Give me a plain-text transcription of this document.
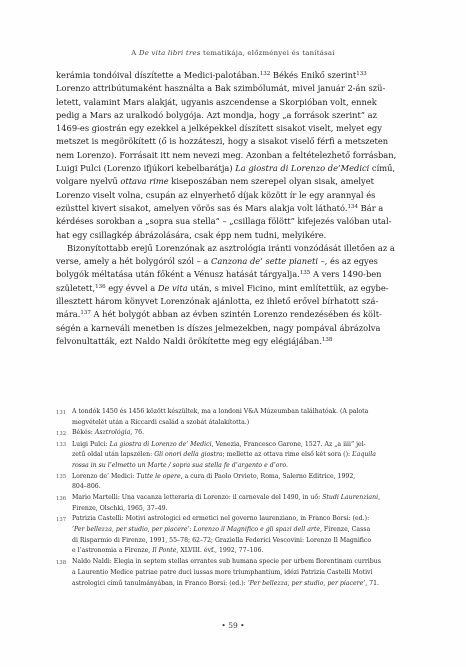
A De vita libri tres tematikája, előzményei és tanításai
kerámia tondóival díszítette a Medici-palotában.$^{132}$ Békés Enikő szerint$^{133}$
Lorenzo attribútumaként használta a Bak szimbólumát, mivel január 2-án szü-
letett, valamint Mars alakját, ugyanis aszcendense a Skorpióban volt, ennek
pedig a Mars az uralkodó bolygója. Azt mondja, hogy „a források szerint” az
1469-es giostrán egy ezekkel a jelképekkel díszített sisakot viselt, melyet egy
metszet is megörökített (ő is hozzáteszi, hogy a sisakot viselő férfi a metszeten
nem Lorenzo). Forrásait itt nem nevezi meg. Azonban a feltételezhető forrásban,
Luigi Pulci (Lorenzo ifjúkori kebelbarátja) La giostra di Lorenzo de’Medici című,
volgare nyelvű ottava rime kiseposzában nem szerepel olyan sisak, amelyet
Lorenzo viselt volna, csupán az elnyerhető díjak között ír le egy arannyal és
ezüsttel kivert sisakot, amelyen vörös sas és Mars alakja volt látható.$^{134}$ Bár a
kérdéses sorokban a „sopra sua stella” – „csillaga fölött” kifejezés valóban utal-
hat egy csillagkép ábrázolására, csak épp nem tudni, melyikére.
Bizonyítottabb erejű Lorenzónak az asztrológia iránti vonzódását illetően az a
verse, amely a hét bolygóról szól – a Canzona de’ sette pianeti –, és az egyes
bolygók méltatása után főként a Vénusz hatását tárgyalja.$^{135}$ A vers 1490-ben
született,$^{136}$ egy évvel a De vita után, s mivel Ficino, mint említettük, az egybe-
illesztett három könyvet Lorenzónak ajánlotta, ez ihlető erővel bírhatott szá-
mára.$^{137}$ A hét bolygót abban az évben szintén Lorenzo rendezésében és költ-
ségén a karneváli menetben is díszes jelmezekben, nagy pompával ábrázolva
felvonultatták, ezt Naldo Naldi örökítette meg egy elégiájában.$^{138}$
131 A tondók 1450 és 1456 között készültek, ma a londoni V&A Múzeumban találhatóak. (A palota
megvételét után a Riccardi család a szobát átalakította.)
132 Békés: Asztrológia, 76.
133 Luigi Pulci: La giostra di Lorenzo de’ Medici, Venezia, Francesco Garone, 1527. Az „a iiii” jel-
zetű oldal után lapszélen: Gli onori della giostra; mellette az ottava rime első két sora (): L’aquila
rossa in su l’elmetto un Marte / sopra sua stella fe d’argento e d’oro.
135 Lorenzo de’ Medici: Tutte le opere, a cura di Paolo Orvieto, Roma, Salerno Editrice, 1992,
804–806.
136 Mario Martelli: Una vacanza letteraria di Lorenzo: il carnevale del 1490, in uő: Studi Laurenziani,
Firenze, Olschki, 1965, 37–49.
137 Patrizia Castelli: Motivi astrologici ed ermetici nel governo laurenziano, in Franco Borsi: (ed.):
’Per bellezza, per studio, per piacere’: Lorenzo il Magnifico e gli spazi dell arte, Firenze, Cassa
di Risparmio di Firenze, 1991, 55–78; 62–72; Graziella Federici Vescovini: Lorenzo Il Magnifico
e l’astronomia a Firenze, Il Ponte, XLVIII. évf., 1992, 77–106.
138 Naldo Naldi: Elegia in septem stellas errantes sub humana specie per urbem florentinam curribus
a Laurentio Medice patriae patre duci iussas more triumphantium, idézi Patrizia Castelli Motivi
astrologici című tanulmányában, in Franco Borsi: (ed.): ’Per bellezza, per studio, per piacere’, 71.
• 59 •
